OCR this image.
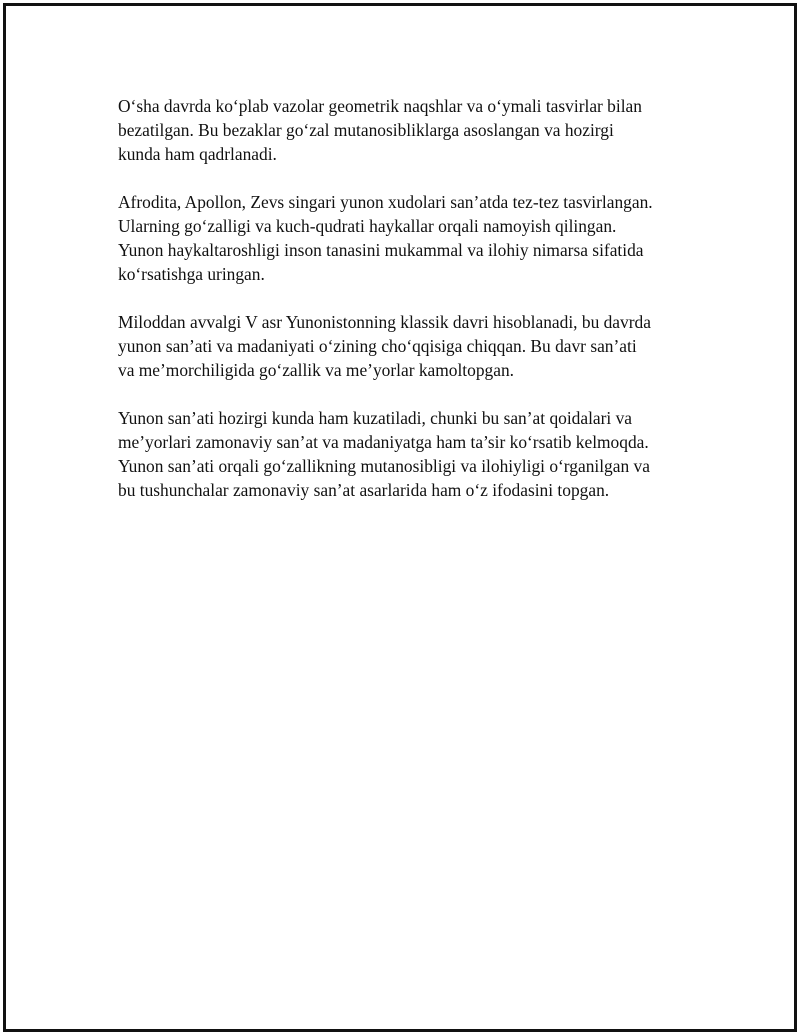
O‘sha davrda ko‘plab vazolar geometrik naqshlar va o‘ymali tasvirlar bilan
bezatilgan. Bu bezaklar go‘zal mutanosibliklarga asoslangan va hozirgi
kunda ham qadrlanadi.

Afrodita, Apollon, Zevs singari yunon xudolari san’atda tez-tez tasvirlangan.
Ularning go‘zalligi va kuch-qudrati haykallar orqali namoyish qilingan.
Yunon haykaltaroshligi inson tanasini mukammal va ilohiy nimarsa sifatida
ko‘rsatishga uringan.

Miloddan avvalgi V asr Yunonistonning klassik davri hisoblanadi, bu davrda
yunon san’ati va madaniyati o‘zining cho‘qqisiga chiqqan. Bu davr san’ati
va me’morchiligida go‘zallik va me’yorlar kamoltopgan.

Yunon san’ati hozirgi kunda ham kuzatiladi, chunki bu san’at qoidalari va
me’yorlari zamonaviy san’at va madaniyatga ham ta’sir ko‘rsatib kelmoqda.
Yunon san’ati orqali go‘zallikning mutanosibligi va ilohiyligi o‘rganilgan va
bu tushunchalar zamonaviy san’at asarlarida ham o‘z ifodasini topgan.
